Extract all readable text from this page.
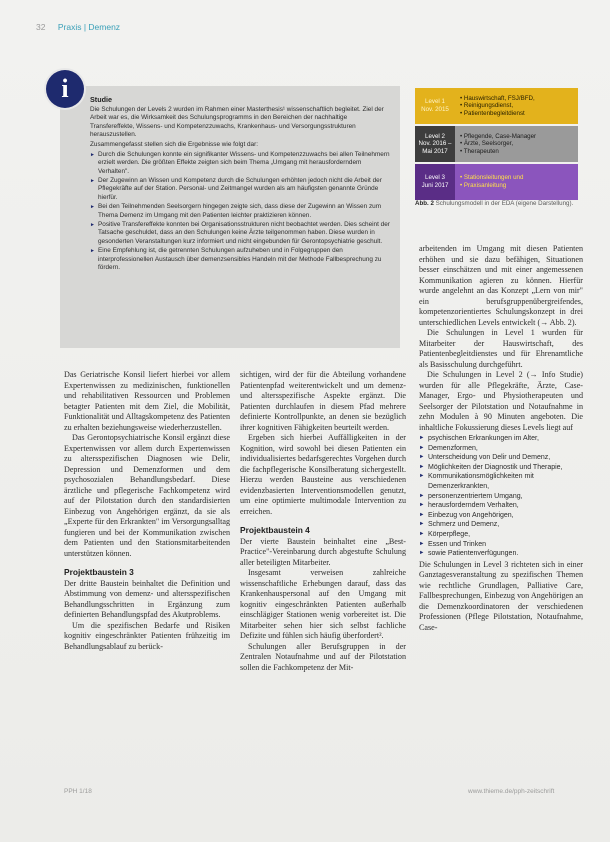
32 Praxis | Demenz
i	Studie

Die Schulungen der Levels 2 wurden im Rahmen einer Masterthesis¹ wissenschaftlich begleitet. Ziel der Arbeit war es, die Wirksamkeit des Schulungsprogramms in den Bereichen der nachhaltige Transfereffekte, Wissens- und Kompetenzzuwachs, Krankenhaus- und Versorgungsstrukturen herauszustellen.

Zusammengefasst stellen sich die Ergebnisse wie folgt dar:

► Durch die Schulungen konnte ein signifikanter Wissens- und Kompetenzzuwachs bei allen Teilnehmern erzielt werden. Die größten Effekte zeigten sich beim Thema „Umgang mit herausforderndem Verhalten".
► Der Zugewinn an Wissen und Kompetenz durch die Schulungen erhöhten jedoch nicht die Arbeit der Pflegekräfte auf der Station. Personal- und Zeitmangel wurden als am häufigsten genannte Gründe hierfür.
► Bei den Teilnehmenden Seelsorgern hingegen zeigte sich, dass diese der Zugewinn an Wissen zum Thema Demenz im Umgang mit den Patienten leichter praktizieren können.
► Positive Transfereffekte konnten bei Organisationsstrukturen nicht beobachtet werden. Dies scheint der Tatsache geschuldet, dass an den Schulungen keine Ärzte teilgenommen haben. Diese wurden in gesonderten Veranstaltungen kurz informiert und nicht eingebunden für Gerontopsychiatrie geschult.
► Eine Empfehlung ist, die getrennten Schulungen aufzuheben und in Folgegruppen den interprofessionellen Austausch über demenzsensibles Handeln mit der Methode Fallbesprechung zu fördern.
Level 1
Nov. 2015
• Hauswirtschaft, FSJ/BFD,
• Reinigungsdienst,
• Patientenbegleitdienst
Level 2
Nov. 2016 – Mai 2017
• Pflegende, Case-Manager
• Ärzte, Seelsorger,
• Therapeuten
Level 3
Juni 2017
• Stationsleitungen und
• Praxisanleitung
Abb. 2 Schulungsmodell in der EDA (eigene Darstellung).

Das Geriatrische Konsil liefert hierbei vor allem Expertenwissen zu medizinischen, funktionellen und rehabilitativen Ressourcen und Problemen betagter Patienten mit dem Ziel, die Mobilität, Funktionalität und Alltagskompetenz des Patienten zu erhalten beziehungsweise wiederherzustellen.

Das Gerontopsychiatrische Konsil ergänzt diese Expertenwissen vor allem durch Expertenwissen zu altersspezifischen Diagnosen wie Delir, Depression und Demenzformen und dem psychosozialen Behandlungsbedarf. Diese ärztliche und pflegerische Fachkompetenz wird auf der Pilotstation durch den standardisierten Einbezug von Angehörigen ergänzt, da sie als „Experte für den Erkrankten" im Versorgungsalltag fungieren und bei der Kommunikation zwischen dem Patienten und den Stationsmitarbeitenden unterstützen können.

Projektbaustein 3

Der dritte Baustein beinhaltet die Definition und Abstimmung von demenz- und altersspezifischen Behandlungsschritten in Ergänzung zum definierten Behandlungspfad des Akutproblems.

Um die spezifischen Bedarfe und Risiken kognitiv eingeschränkter Patienten frühzeitig im Behandlungsablauf zu berück-

sichtigen, wird der für die Abteilung vorhandene Patientenpfad weiterentwickelt und um demenz- und altersspezifische Aspekte ergänzt. Die Patienten durchlaufen in diesem Pfad mehrere definierte Kontrollpunkte, an denen sie bezüglich ihrer kognitiven Fähigkeiten beurteilt werden.

Ergeben sich hierbei Auffälligkeiten in der Kognition, wird sowohl bei diesen Patienten ein individualisiertes bedarfsgerechtes Vorgehen durch die fachpflegerische Konsilberatung sichergestellt. Hierzu werden Bausteine aus verschiedenen evidenzbasierten Interventionsmodellen genutzt, um eine optimierte multimodale Intervention zu erreichen.

Projektbaustein 4

Der vierte Baustein beinhaltet eine „Best-Practice"-Vereinbarung durch abgestufte Schulung aller beteiligten Mitarbeiter.

Insgesamt verweisen zahlreiche wissenschaftliche Erhebungen darauf, dass das Krankenhauspersonal auf den Umgang mit kognitiv eingeschränkten Patienten außerhalb einschlägiger Stationen wenig vorbereitet ist. Die Mitarbeiter sehen hier sich selbst fachliche Defizite und fühlen sich häufig überfordert².

Schulungen aller Berufsgruppen in der Zentralen Notaufnahme und auf der Pilotstation sollen die Fachkompetenz der Mit-

arbeitenden im Umgang mit diesen Patienten erhöhen und sie dazu befähigen, Situationen besser einschätzen und mit einer angemessenen Kommunikation agieren zu können. Hierfür wurde angelehnt an das Konzept „Lern von mir" ein berufsgruppenübergreifendes, kompetenzorientiertes Schulungskonzept in drei unterschiedlichen Levels entwickelt (→ Abb. 2).

Die Schulungen in Level 1 wurden für Mitarbeiter der Hauswirtschaft, des Patientenbegleitdienstes und für Ehrenamtliche als Basisschulung durchgeführt.

Die Schulungen in Level 2 (→ Info Studie) wurden für alle Pflegekräfte, Ärzte, Case-Manager, Ergo- und Physiotherapeuten und Seelsorger der Pilotstation und Notaufnahme in zehn Modulen à 90 Minuten angeboten. Die inhaltliche Fokussierung dieses Levels liegt auf

► psychischen Erkrankungen im Alter,
► Demenzformen,
► Unterscheidung von Delir und Demenz,
► Möglichkeiten der Diagnostik und Therapie,
► Kommunikationsmöglichkeiten mit Demenzerkrankten,
► personenzentriertem Umgang,
► herausforderndem Verhalten,
► Einbezug von Angehörigen,
► Schmerz und Demenz,
► Körperpflege,
► Essen und Trinken
► sowie Patientenverfügungen.

Die Schulungen in Level 3 richteten sich in einer Ganztagesveranstaltung zu spezifischen Themen wie rechtliche Grundlagen, Palliative Care, Fallbesprechungen, Einbezug von Angehörigen an die Demenzkoordinatoren der verschiedenen Professionen (Pflege Pilotstation, Notaufnahme, Case-

PPH 1/18	www.thieme.de/pph-zeitschrift
